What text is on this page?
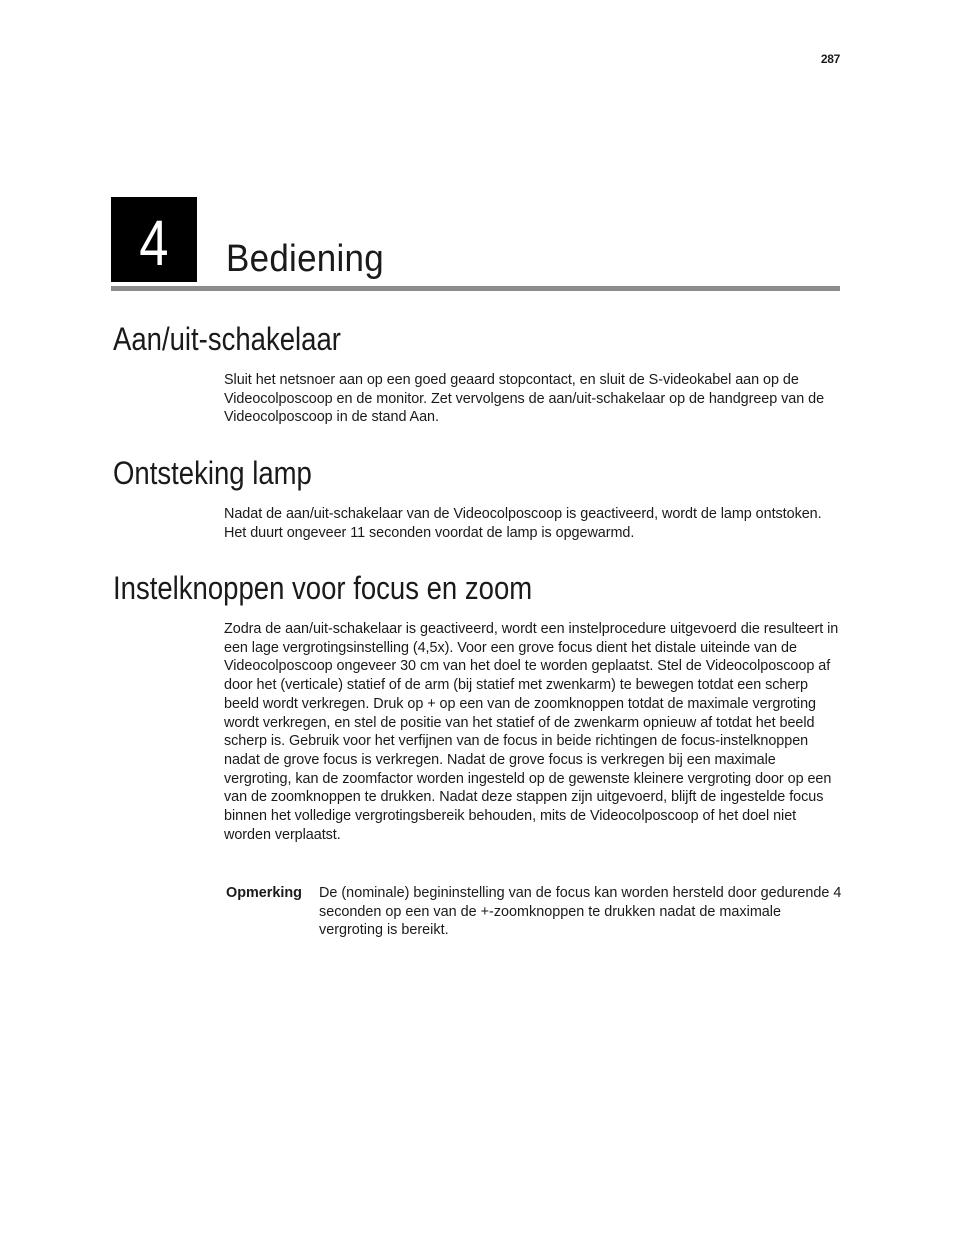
287
4 Bediening
Aan/uit-schakelaar

Sluit het netsnoer aan op een goed geaard stopcontact, en sluit de S-videokabel aan op de Videocolposcoop en de monitor. Zet vervolgens de aan/uit-schakelaar op de handgreep van de Videocolposcoop in de stand Aan.

Ontsteking lamp

Nadat de aan/uit-schakelaar van de Videocolposcoop is geactiveerd, wordt de lamp ontstoken. Het duurt ongeveer 11 seconden voordat de lamp is opgewarmd.

Instelknoppen voor focus en zoom

Zodra de aan/uit-schakelaar is geactiveerd, wordt een instelprocedure uitgevoerd die resulteert in een lage vergrotingsinstelling (4,5x). Voor een grove focus dient het distale uiteinde van de Videocolposcoop ongeveer 30 cm van het doel te worden geplaatst. Stel de Videocolposcoop af door het (verticale) statief of de arm (bij statief met zwenkarm) te bewegen totdat een scherp beeld wordt verkregen. Druk op + op een van de zoomknoppen totdat de maximale vergroting wordt verkregen, en stel de positie van het statief of de zwenkarm opnieuw af totdat het beeld scherp is. Gebruik voor het verfijnen van de focus in beide richtingen de focus-instelknoppen nadat de grove focus is verkregen. Nadat de grove focus is verkregen bij een maximale vergroting, kan de zoomfactor worden ingesteld op de gewenste kleinere vergroting door op een van de zoomknoppen te drukken. Nadat deze stappen zijn uitgevoerd, blijft de ingestelde focus binnen het volledige vergrotingsbereik behouden, mits de Videocolposcoop of het doel niet worden verplaatst.

Opmerking	De (nominale) begininstelling van de focus kan worden hersteld door gedurende 4 seconden op een van de +-zoomknoppen te drukken nadat de maximale vergroting is bereikt.
